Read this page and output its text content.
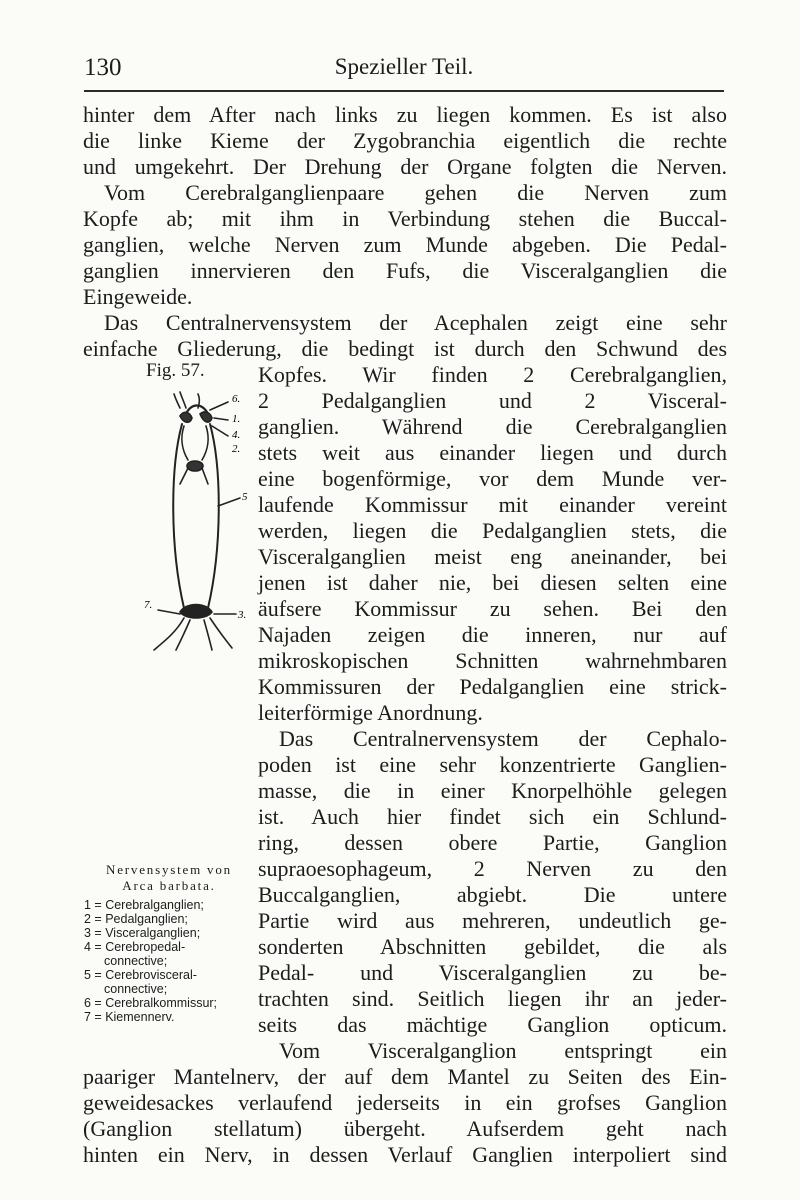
130	Spezieller Teil.
hinter dem After nach links zu liegen kommen. Es ist also
die linke Kieme der Zygobranchia eigentlich die rechte
und umgekehrt. Der Drehung der Organe folgten die Nerven.
Vom Cerebralganglienpaare gehen die Nerven zum
Kopfe ab; mit ihm in Verbindung stehen die Buccal-
ganglien, welche Nerven zum Munde abgeben. Die Pedal-
ganglien innervieren den Fufs, die Visceralganglien die
Eingeweide.
Das Centralnervensystem der Acephalen zeigt eine sehr
einfache Gliederung, die bedingt ist durch den Schwund des
Kopfes. Wir finden 2 Cerebralganglien,
2 Pedalganglien und 2 Visceral-
ganglien. Während die Cerebralganglien
stets weit aus einander liegen und durch
eine bogenförmige, vor dem Munde ver-
laufende Kommissur mit einander vereint
werden, liegen die Pedalganglien stets, die
Visceralganglien meist eng aneinander, bei
jenen ist daher nie, bei diesen selten eine
äufsere Kommissur zu sehen. Bei den
Najaden zeigen die inneren, nur auf
mikroskopischen Schnitten wahrnehmbaren
Kommissuren der Pedalganglien eine strick-
leiterförmige Anordnung.
Das Centralnervensystem der Cephalo-
poden ist eine sehr konzentrierte Ganglien-
masse, die in einer Knorpelhöhle gelegen
ist. Auch hier findet sich ein Schlund-
ring, dessen obere Partie, Ganglion
supraoesophageum, 2 Nerven zu den
Buccalganglien, abgiebt. Die untere
Partie wird aus mehreren, undeutlich ge-
sonderten Abschnitten gebildet, die als
Pedal- und Visceralganglien zu be-
trachten sind. Seitlich liegen ihr an jeder-
seits das mächtige Ganglion opticum.
Vom Visceralganglion entspringt ein
paariger Mantelnerv, der auf dem Mantel zu Seiten des Ein-
geweidesackes verlaufend jederseits in ein grofses Ganglion
(Ganglion stellatum) übergeht. Aufserdem geht nach
hinten ein Nerv, in dessen Verlauf Ganglien interpoliert sind
Fig. 57.
6.
1.
4.
2.
5
7.
3.
Nervensystem von
Arca barbata.
1 = Cerebralganglien;
2 = Pedalganglien;
3 = Visceralganglien;
4 = Cerebropedal-
connective;
5 = Cerebrovisceral-
connective;
6 = Cerebralkommissur;
7 = Kiemennerv.
